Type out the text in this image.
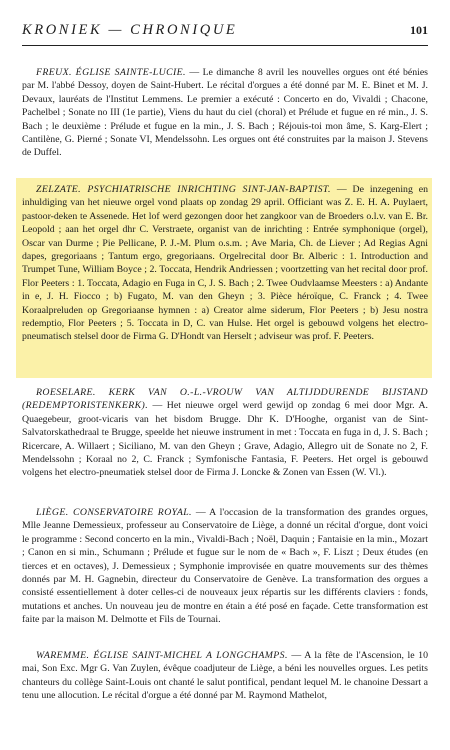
KRONIEK — CHRONIQUE	101
FREUX. ÉGLISE SAINTE-LUCIE. — Le dimanche 8 avril les nouvelles orgues ont été bénies par M. l'abbé Dessoy, doyen de Saint-Hubert. Le récital d'orgues a été donné par M. E. Binet et M. J. Devaux, lauréats de l'Institut Lemmens. Le premier a exécuté : Concerto en do, Vivaldi ; Chacone, Pachelbel ; Sonate no III (1e partie), Viens du haut du ciel (choral) et Prélude et fugue en ré min., J. S. Bach ; le deuxième : Prélude et fugue en la min., J. S. Bach ; Réjouis-toi mon âme, S. Karg-Elert ; Cantilène, G. Pierné ; Sonate VI, Mendelssohn. Les orgues ont été construites par la maison J. Stevens de Duffel.
ZELZATE. PSYCHIATRISCHE INRICHTING SINT-JAN-BAPTIST. — De inzegening en inhuldiging van het nieuwe orgel vond plaats op zondag 29 april. Officiant was Z. E. H. A. Puylaert, pastoor-deken te Assenede. Het lof werd gezongen door het zangkoor van de Broeders o.l.v. van E. Br. Leopold ; aan het orgel dhr C. Verstraete, organist van de inrichting : Entrée symphonique (orgel), Oscar van Durme ; Pie Pellicane, P. J.-M. Plum o.s.m. ; Ave Maria, Ch. de Liever ; Ad Regias Agni dapes, gregoriaans ; Tantum ergo, gregoriaans. Orgelrecital door Br. Alberic : 1. Introduction and Trumpet Tune, William Boyce ; 2. Toccata, Hendrik Andriessen ; voortzetting van het recital door prof. Flor Peeters : 1. Toccata, Adagio en Fuga in C, J. S. Bach ; 2. Twee Oudvlaamse Meesters : a) Andante in e, J. H. Fiocco ; b) Fugato, M. van den Gheyn ; 3. Pièce héroïque, C. Franck ; 4. Twee Koraalpreluden op Gregoriaanse hymnen : a) Creator alme siderum, Flor Peeters ; b) Jesu nostra redemptio, Flor Peeters ; 5. Toccata in D, C. van Hulse. Het orgel is gebouwd volgens het electro-pneumatisch stelsel door de Firma G. D'Hondt van Herselt ; adviseur was prof. F. Peeters.
ROESELARE. KERK VAN O.-L.-VROUW VAN ALTIJDDURENDE BIJSTAND (REDEMPTORISTENKERK). — Het nieuwe orgel werd gewijd op zondag 6 mei door Mgr. A. Quaegebeur, groot-vicaris van het bisdom Brugge. Dhr K. D'Hooghe, organist van de Sint-Salvatorskathedraal te Brugge, speelde het nieuwe instrument in met : Toccata en fuga in d, J. S. Bach ; Ricercare, A. Willaert ; Siciliano, M. van den Gheyn ; Grave, Adagio, Allegro uit de Sonate no 2, F. Mendelssohn ; Koraal no 2, C. Franck ; Symfonische Fantasia, F. Peeters. Het orgel is gebouwd volgens het electro-pneumatiek stelsel door de Firma J. Loncke & Zonen van Essen (W. Vl.).
LIÈGE. CONSERVATOIRE ROYAL. — A l'occasion de la transformation des grandes orgues, Mlle Jeanne Demessieux, professeur au Conservatoire de Liège, a donné un récital d'orgue, dont voici le programme : Second concerto en la min., Vivaldi-Bach ; Noël, Daquin ; Fantaisie en la min., Mozart ; Canon en si min., Schumann ; Prélude et fugue sur le nom de « Bach », F. Liszt ; Deux études (en tierces et en octaves), J. Demessieux ; Symphonie improvisée en quatre mouvements sur des thèmes donnés par M. H. Gagnebin, directeur du Conservatoire de Genève. La transformation des orgues a consisté essentiellement à doter celles-ci de nouveaux jeux répartis sur les différents claviers : fonds, mutations et anches. Un nouveau jeu de montre en étain a été posé en façade. Cette transformation est faite par la maison M. Delmotte et Fils de Tournai.
WAREMME. ÉGLISE SAINT-MICHEL A LONGCHAMPS. — A la fête de l'Ascension, le 10 mai, Son Exc. Mgr G. Van Zuylen, évêque coadjuteur de Liège, a béni les nouvelles orgues. Les petits chanteurs du collège Saint-Louis ont chanté le salut pontifical, pendant lequel M. le chanoine Dessart a tenu une allocution. Le récital d'orgue a été donné par M. Raymond Mathelot,
